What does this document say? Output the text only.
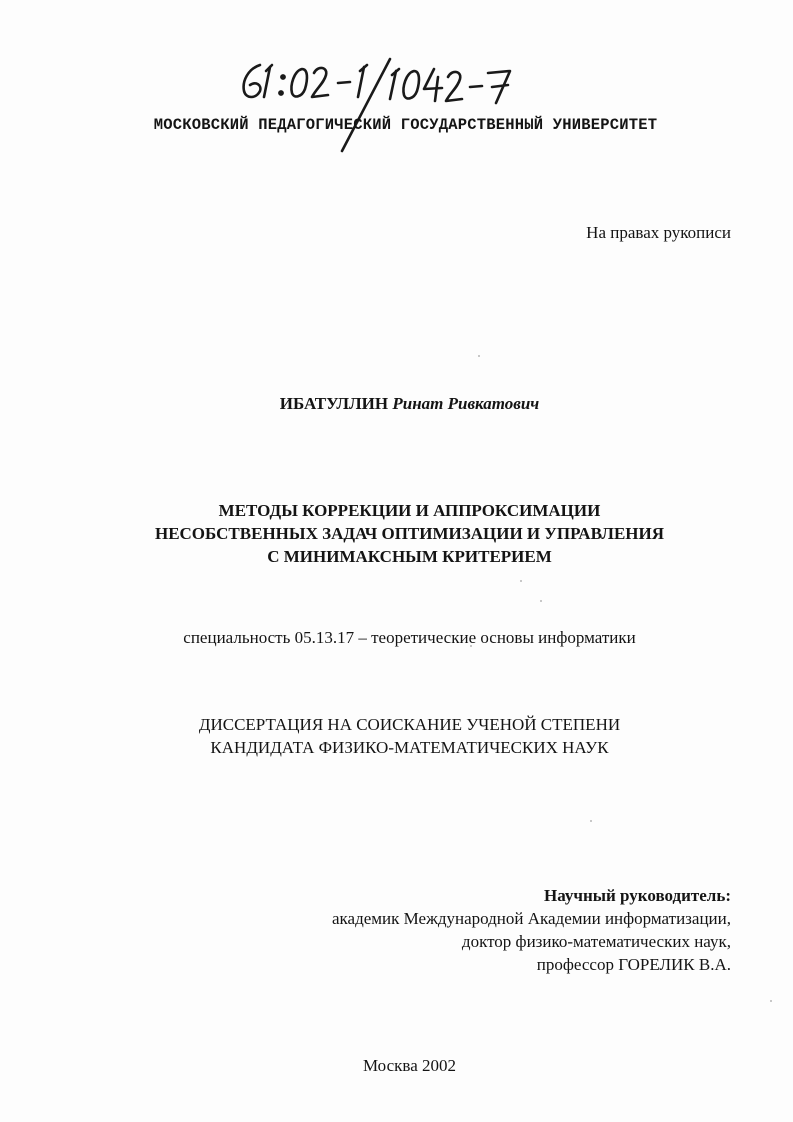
МОСКОВСКИЙ ПЕДАГОГИЧЕСКИЙ ГОСУДАРСТВЕННЫЙ УНИВЕРСИТЕТ
На правах рукописи
ИБАТУЛЛИН Ринат Ривкатович
МЕТОДЫ КОРРЕКЦИИ И АППРОКСИМАЦИИ
НЕСОБСТВЕННЫХ ЗАДАЧ ОПТИМИЗАЦИИ И УПРАВЛЕНИЯ
С МИНИМАКСНЫМ КРИТЕРИЕМ
специальность 05.13.17 – теоретические основы информатики
ДИССЕРТАЦИЯ НА СОИСКАНИЕ УЧЕНОЙ СТЕПЕНИ
КАНДИДАТА ФИЗИКО-МАТЕМАТИЧЕСКИХ НАУК
Научный руководитель:
академик Международной Академии информатизации,
доктор физико-математических наук,
профессор ГОРЕЛИК В.А.
Москва 2002
